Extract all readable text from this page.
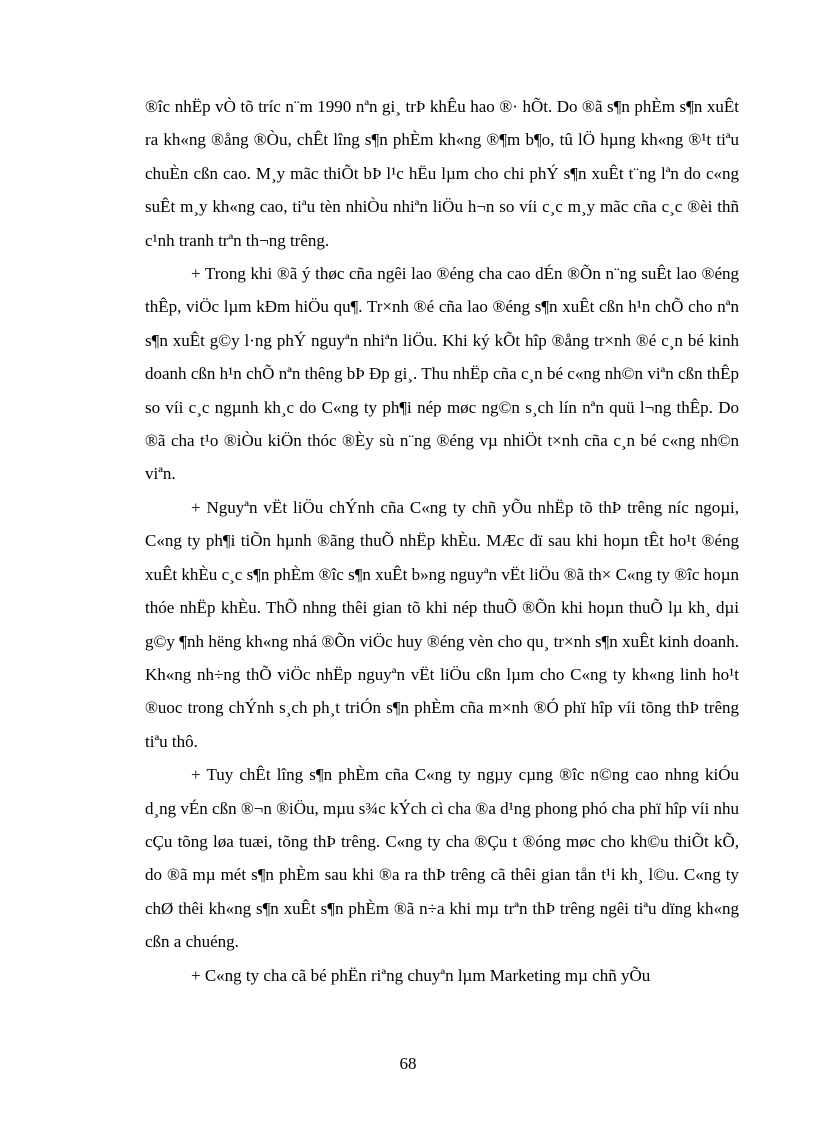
®îc nhËp vÒ tõ tríc n¨m 1990 nªn gi¸ trÞ khÊu hao ®· hÕt. Do ®ã s¶n phÈm s¶n xuÊt ra kh«ng ®ång ®Òu, chÊt lîng s¶n phÈm kh«ng ®¶m b¶o, tû lÖ hµng kh«ng ®¹t tiªu chuÈn cßn cao. M¸y mãc thiÕt bÞ l¹c hËu lµm cho chi phÝ s¶n xuÊt t¨ng lªn do c«ng suÊt m¸y kh«ng cao, tiªu tèn nhiÒu nhiªn liÖu h¬n so víi c¸c m¸y mãc cña c¸c ®èi thñ c¹nh tranh trªn th¬ng trêng.

+ Trong khi ®ã ý thøc cña ngêi lao ®éng cha cao dÉn ®Õn n¨ng suÊt lao ®éng thÊp, viÖc lµm kÐm hiÖu qu¶. Tr×nh ®é cña lao ®éng s¶n xuÊt cßn h¹n chÕ cho nªn s¶n xuÊt g©y l·ng phÝ nguyªn nhiªn liÖu. Khi ký kÕt hîp ®ång tr×nh ®é c¸n bé kinh doanh cßn h¹n chÕ nªn thêng bÞ Ðp gi¸. Thu nhËp cña c¸n bé c«ng nh©n viªn cßn thÊp so víi c¸c ngµnh kh¸c do C«ng ty ph¶i nép møc ng©n s¸ch lín nªn quü l¬ng thÊp. Do ®ã cha t¹o ®iÒu kiÖn thóc ®Èy sù n¨ng ®éng vµ nhiÖt t×nh cña c¸n bé c«ng nh©n viªn.

+ Nguyªn vËt liÖu chÝnh cña C«ng ty chñ yÕu nhËp tõ thÞ trêng níc ngoµi, C«ng ty ph¶i tiÕn hµnh ®ãng thuÕ nhËp khÈu. MÆc dï sau khi hoµn tÊt ho¹t ®éng xuÊt khÈu c¸c s¶n phÈm ®îc s¶n xuÊt b»ng nguyªn vËt liÖu ®ã th× C«ng ty ®îc hoµn thóe nhËp khÈu. ThÕ nhng thêi gian tõ khi nép thuÕ ®Õn khi hoµn thuÕ lµ kh¸ dµi g©y ¶nh hëng kh«ng nhá ®Õn viÖc huy ®éng vèn cho qu¸ tr×nh s¶n xuÊt kinh doanh. Kh«ng nh÷ng thÕ viÖc nhËp nguyªn vËt liÖu cßn lµm cho C«ng ty kh«ng linh ho¹t ®uoc trong chÝnh s¸ch ph¸t triÓn s¶n phÈm cña m×nh ®Ó phï hîp víi tõng thÞ trêng tiªu thô.

+ Tuy chÊt lîng s¶n phÈm cña C«ng ty ngµy cµng ®îc n©ng cao nhng kiÓu d¸ng vÉn cßn ®¬n ®iÖu, mµu s¾c kÝch cì cha ®a d¹ng phong phó cha phï hîp víi nhu cÇu tõng løa tuæi, tõng thÞ trêng. C«ng ty cha ®Çu t ®óng møc cho kh©u thiÕt kÕ, do ®ã mµ mét s¶n phÈm sau khi ®a ra thÞ trêng cã thêi gian tån t¹i kh¸ l©u. C«ng ty chØ thêi kh«ng s¶n xuÊt s¶n phÈm ®ã n÷a khi mµ trªn thÞ trêng ngêi tiªu dïng kh«ng cßn a chuéng.

+ C«ng ty cha cã bé phËn riªng chuyªn lµm Marketing mµ chñ yÕu

68
